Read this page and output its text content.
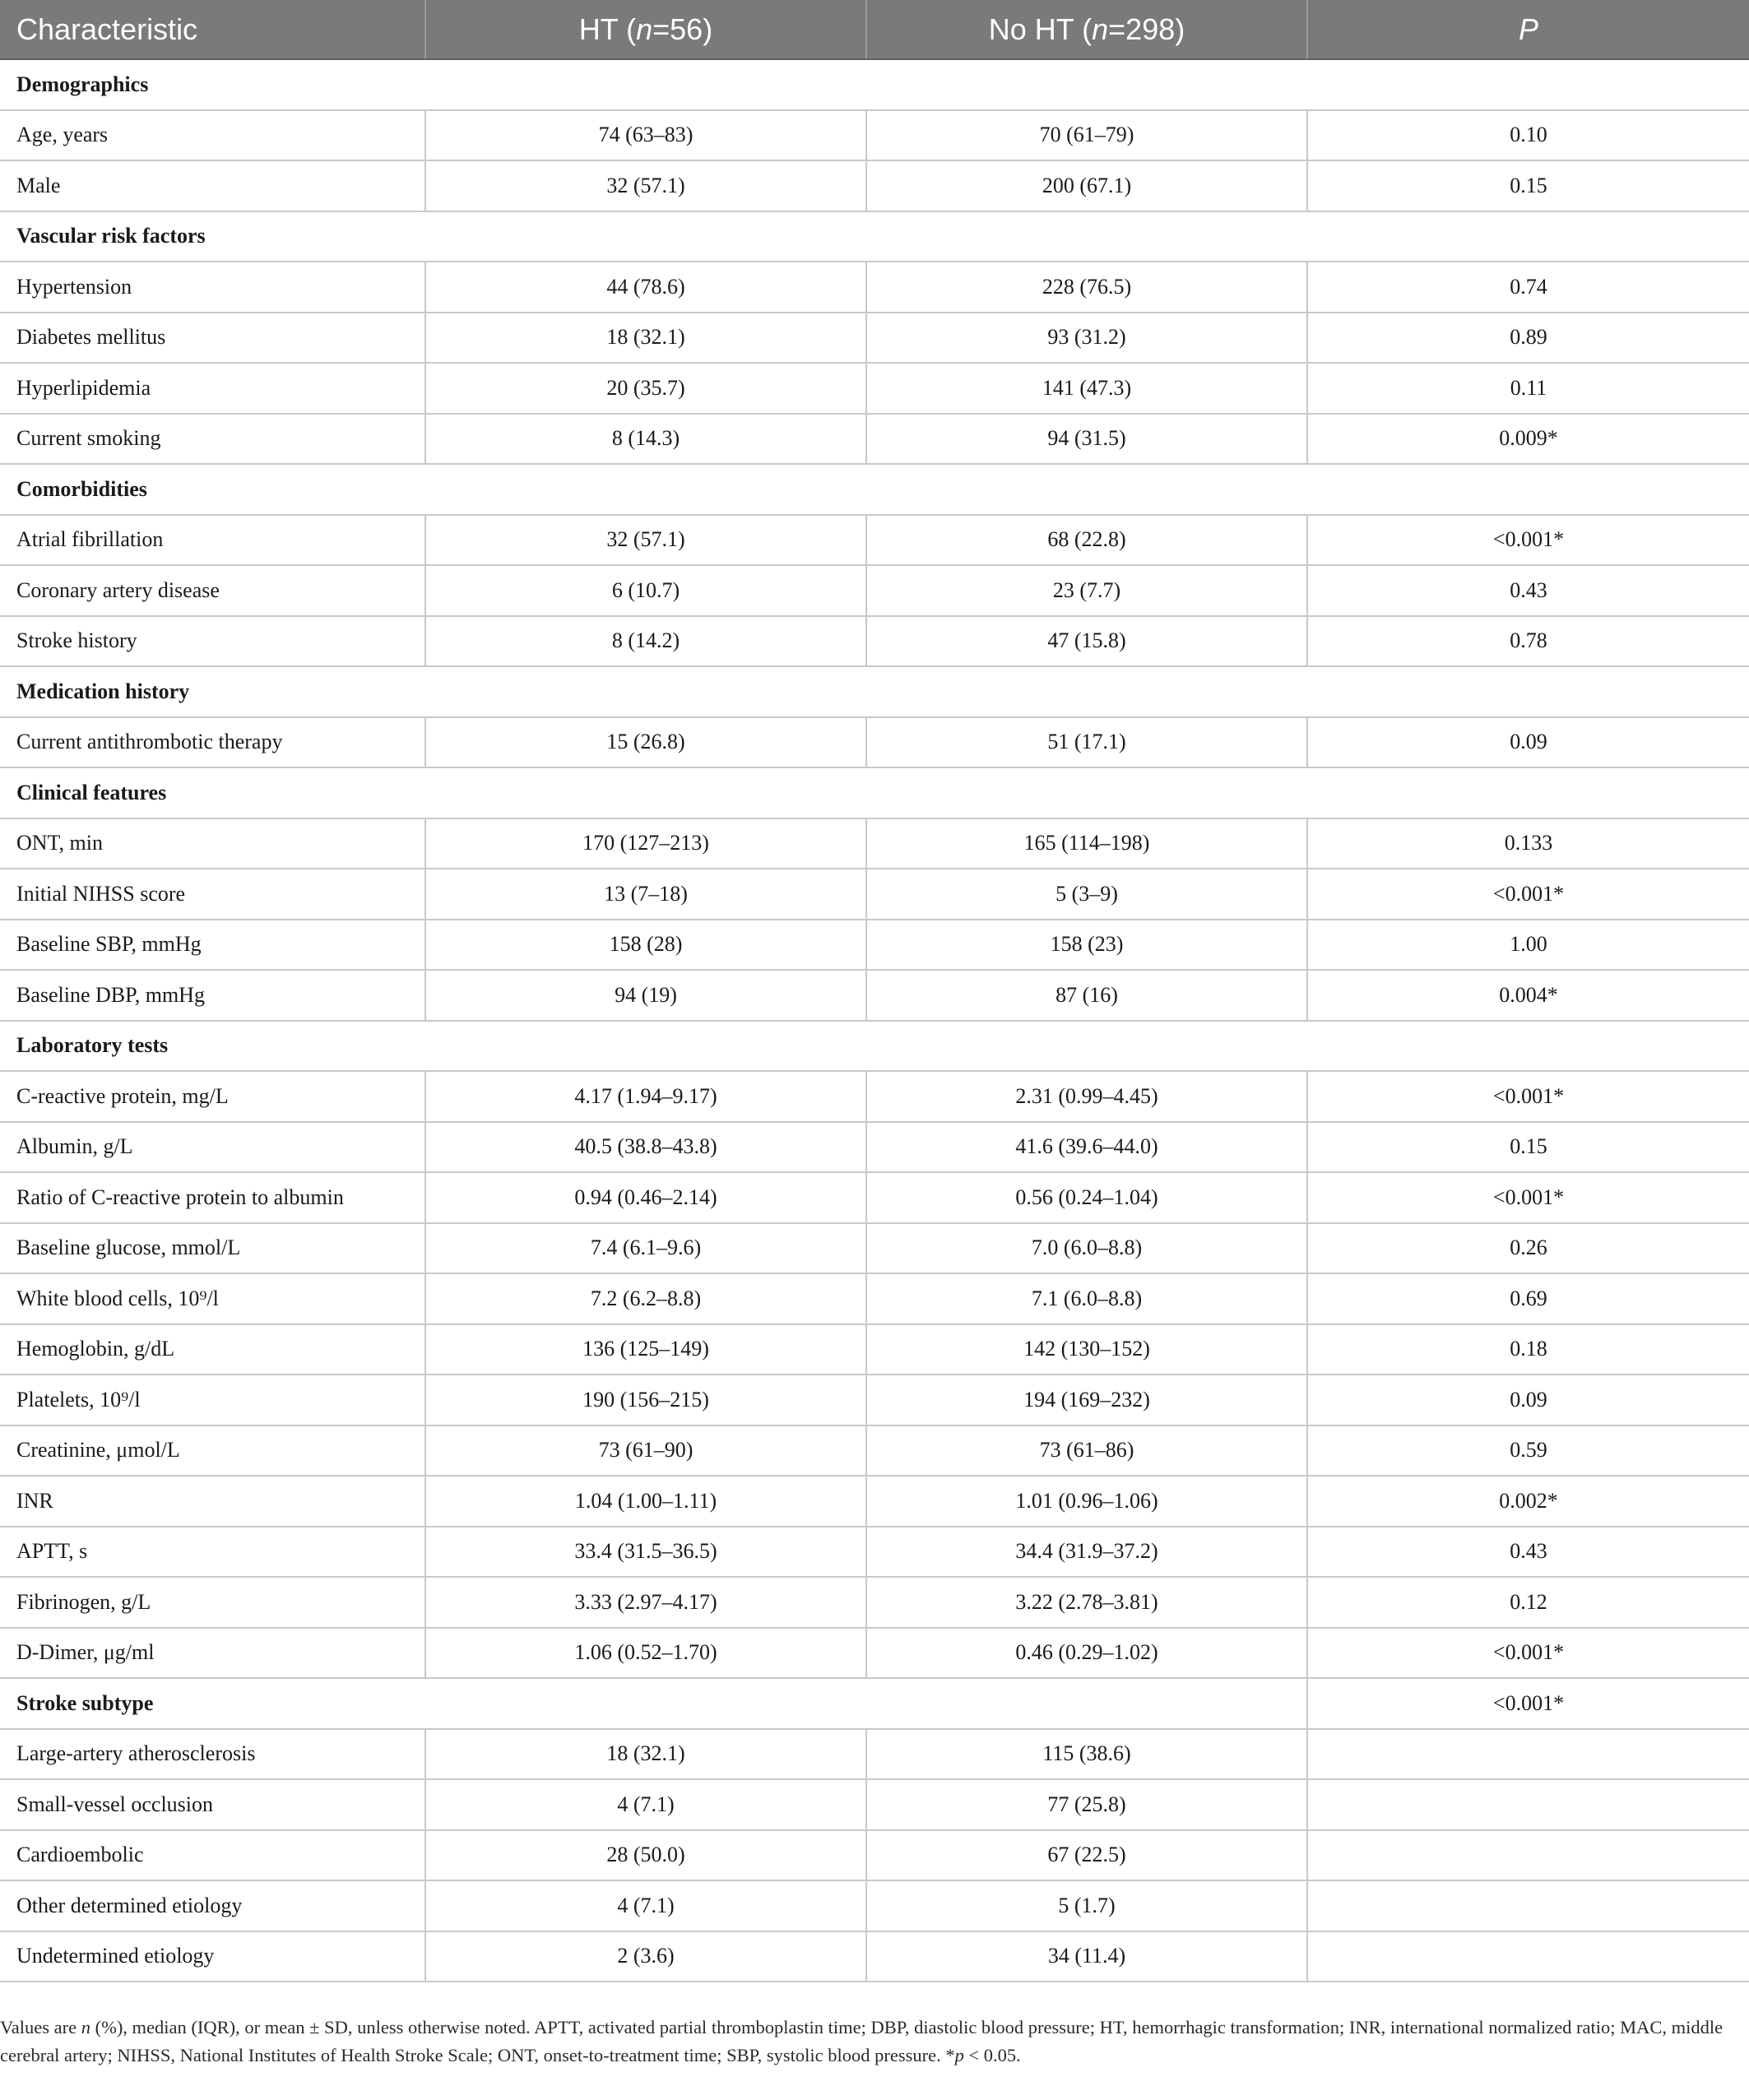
Characteristic	HT (n=56)	No HT (n=298)	P
Demographics			
Age, years	74 (63–83)	70 (61–79)	0.10
Male	32 (57.1)	200 (67.1)	0.15
Vascular risk factors			
Hypertension	44 (78.6)	228 (76.5)	0.74
Diabetes mellitus	18 (32.1)	93 (31.2)	0.89
Hyperlipidemia	20 (35.7)	141 (47.3)	0.11
Current smoking	8 (14.3)	94 (31.5)	0.009*
Comorbidities			
Atrial fibrillation	32 (57.1)	68 (22.8)	<0.001*
Coronary artery disease	6 (10.7)	23 (7.7)	0.43
Stroke history	8 (14.2)	47 (15.8)	0.78
Medication history			
Current antithrombotic therapy	15 (26.8)	51 (17.1)	0.09
Clinical features			
ONT, min	170 (127–213)	165 (114–198)	0.133
Initial NIHSS score	13 (7–18)	5 (3–9)	<0.001*
Baseline SBP, mmHg	158 (28)	158 (23)	1.00
Baseline DBP, mmHg	94 (19)	87 (16)	0.004*
Laboratory tests			
C-reactive protein, mg/L	4.17 (1.94–9.17)	2.31 (0.99–4.45)	<0.001*
Albumin, g/L	40.5 (38.8–43.8)	41.6 (39.6–44.0)	0.15
Ratio of C-reactive protein to albumin	0.94 (0.46–2.14)	0.56 (0.24–1.04)	<0.001*
Baseline glucose, mmol/L	7.4 (6.1–9.6)	7.0 (6.0–8.8)	0.26
White blood cells, 10⁹/l	7.2 (6.2–8.8)	7.1 (6.0–8.8)	0.69
Hemoglobin, g/dL	136 (125–149)	142 (130–152)	0.18
Platelets, 10⁹/l	190 (156–215)	194 (169–232)	0.09
Creatinine, μmol/L	73 (61–90)	73 (61–86)	0.59
INR	1.04 (1.00–1.11)	1.01 (0.96–1.06)	0.002*
APTT, s	33.4 (31.5–36.5)	34.4 (31.9–37.2)	0.43
Fibrinogen, g/L	3.33 (2.97–4.17)	3.22 (2.78–3.81)	0.12
D-Dimer, μg/ml	1.06 (0.52–1.70)	0.46 (0.29–1.02)	<0.001*
Stroke subtype			<0.001*
Large-artery atherosclerosis	18 (32.1)	115 (38.6)	
Small-vessel occlusion	4 (7.1)	77 (25.8)	
Cardioembolic	28 (50.0)	67 (22.5)	
Other determined etiology	4 (7.1)	5 (1.7)	
Undetermined etiology	2 (3.6)	34 (11.4)	
Values are n (%), median (IQR), or mean ± SD, unless otherwise noted. APTT, activated partial thromboplastin time; DBP, diastolic blood pressure; HT, hemorrhagic transformation; INR, international normalized ratio; MAC, middle cerebral artery; NIHSS, National Institutes of Health Stroke Scale; ONT, onset-to-treatment time; SBP, systolic blood pressure. *p < 0.05.
